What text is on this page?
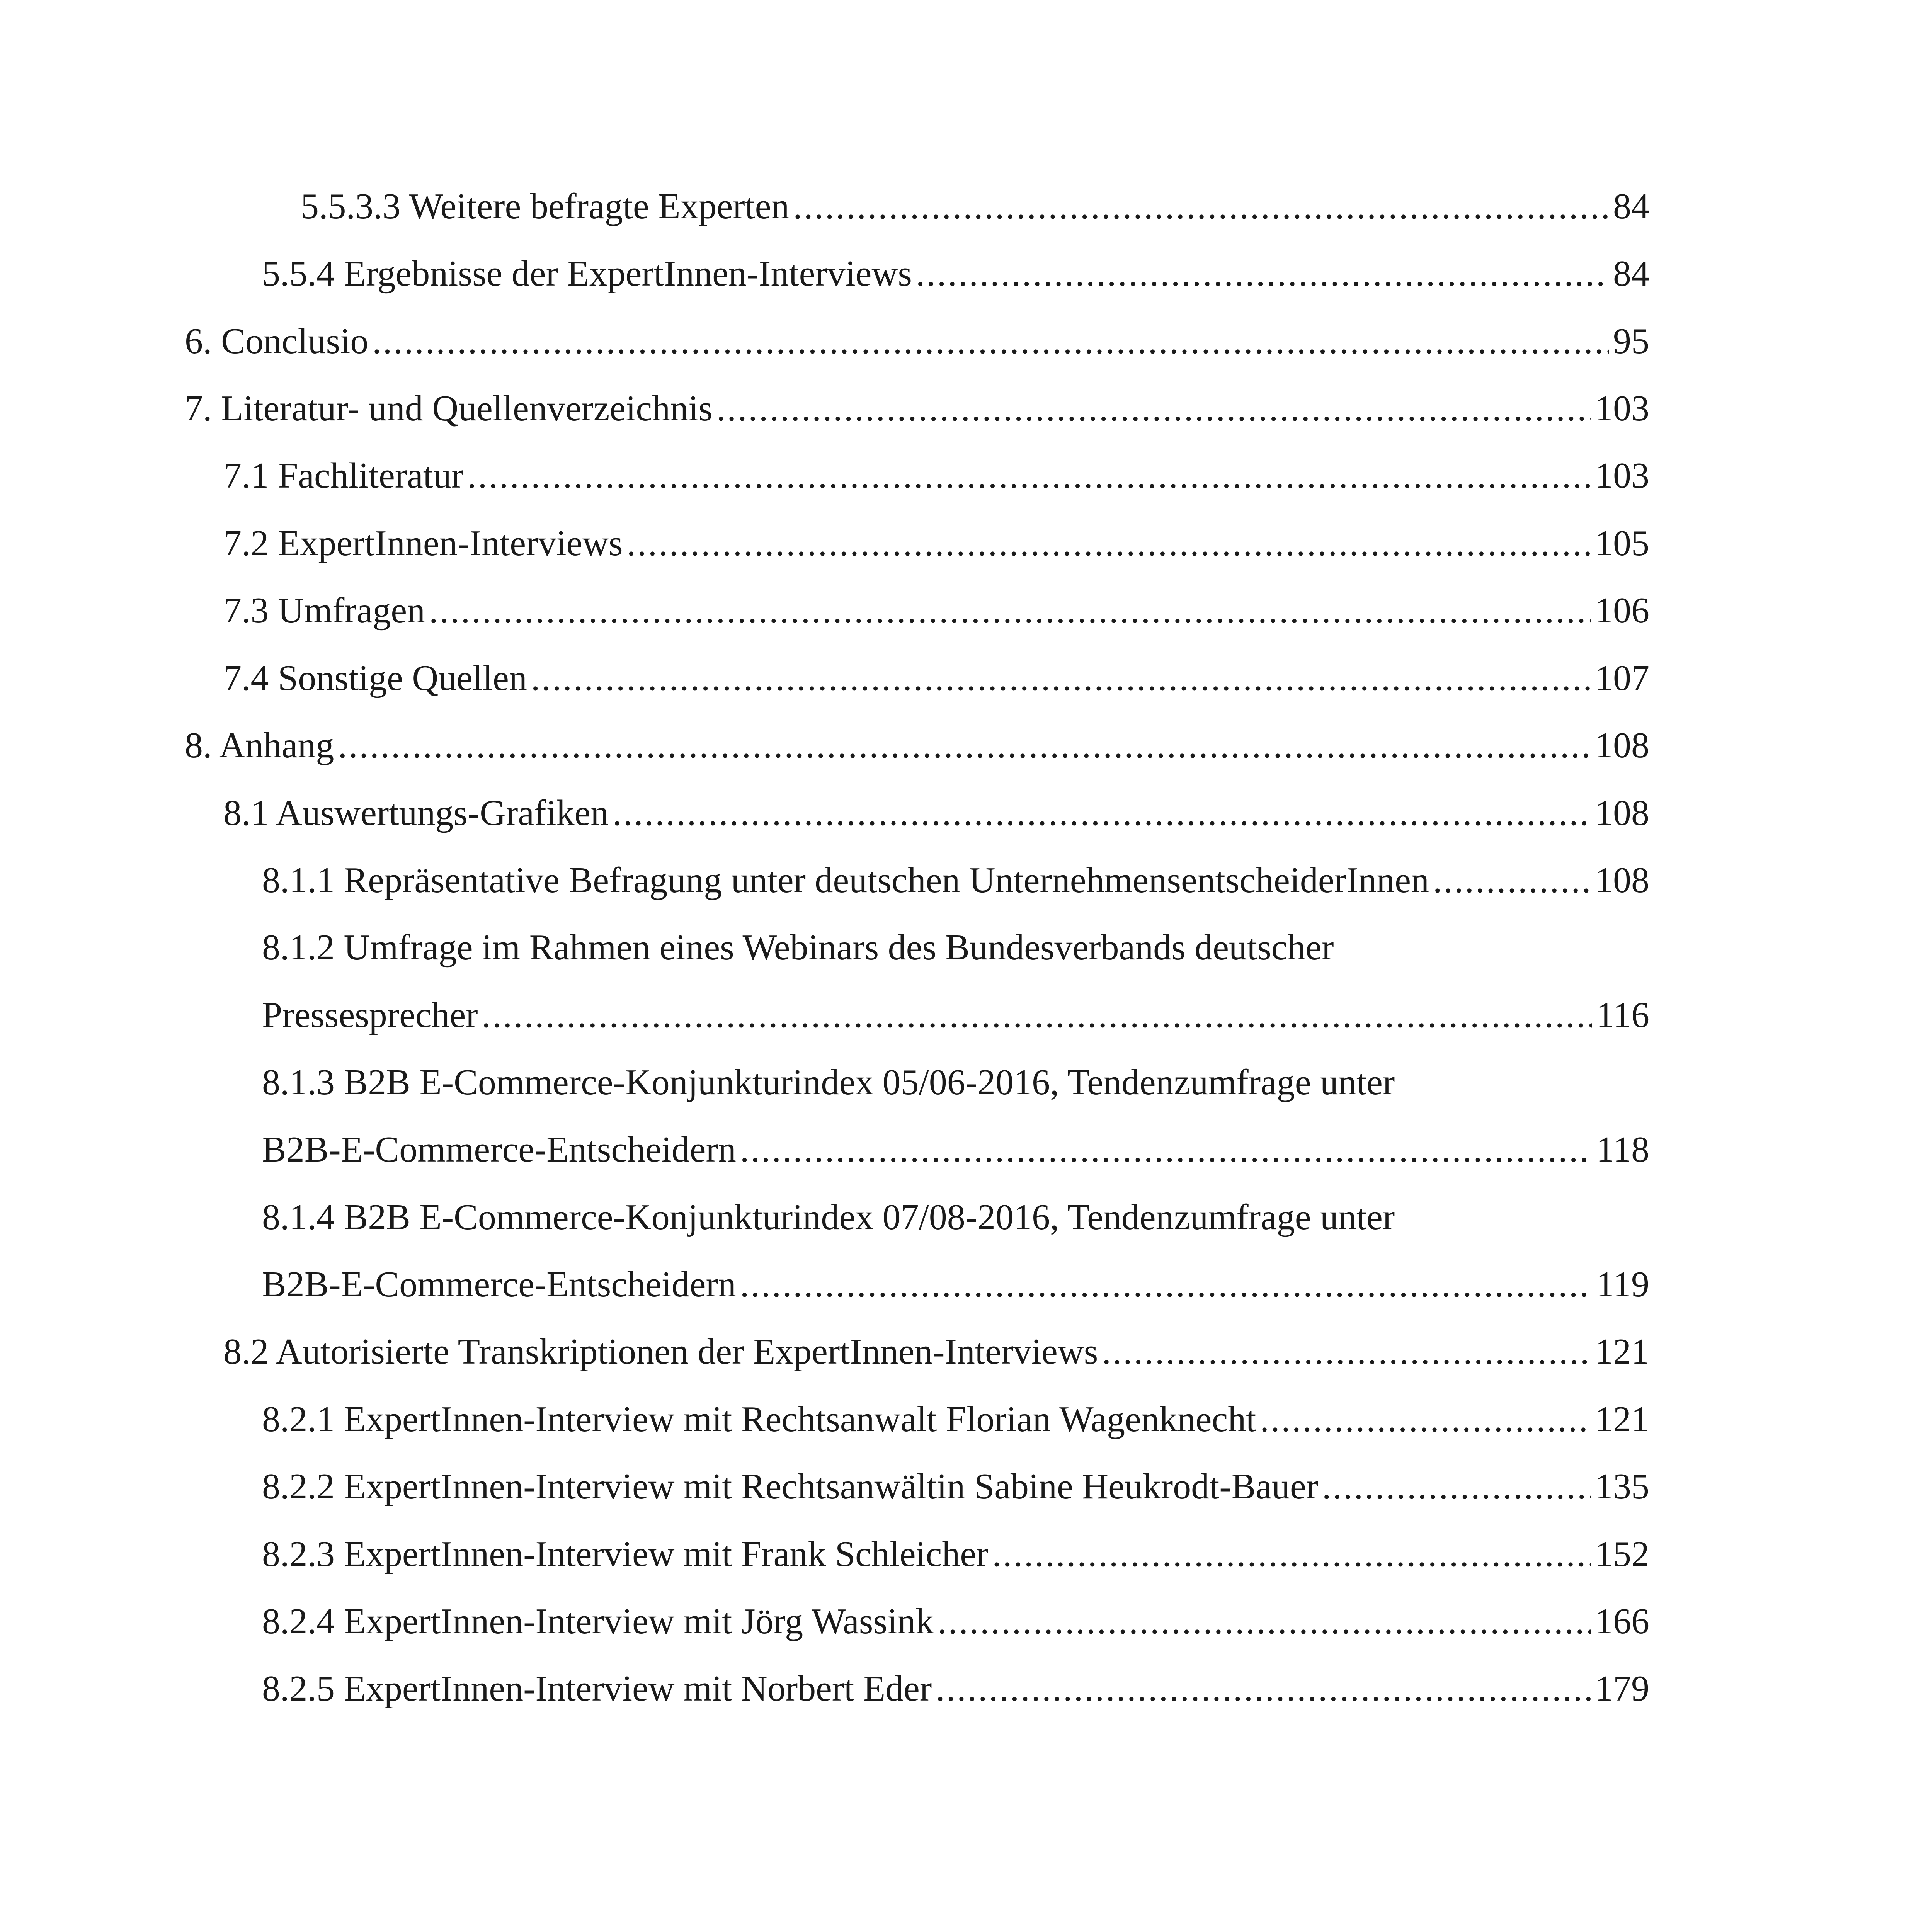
5.5.3.3 Weitere befragte Experten .....	84
5.5.4 Ergebnisse der ExpertInnen-Interviews .....	84
6. Conclusio .....	95
7. Literatur- und Quellenverzeichnis .....	103
7.1 Fachliteratur .....	103
7.2 ExpertInnen-Interviews .....	105
7.3 Umfragen .....	106
7.4 Sonstige Quellen .....	107
8. Anhang .....	108
8.1 Auswertungs-Grafiken .....	108
8.1.1 Repräsentative Befragung unter deutschen UnternehmensentscheiderInnen .....	108
8.1.2 Umfrage im Rahmen eines Webinars des Bundesverbands deutscher
Pressesprecher .....	116
8.1.3 B2B E-Commerce-Konjunkturindex 05/06-2016, Tendenzumfrage unter
B2B-E-Commerce-Entscheidern .....	118
8.1.4 B2B E-Commerce-Konjunkturindex 07/08-2016, Tendenzumfrage unter
B2B-E-Commerce-Entscheidern .....	119
8.2 Autorisierte Transkriptionen der ExpertInnen-Interviews .....	121
8.2.1 ExpertInnen-Interview mit Rechtsanwalt Florian Wagenknecht .....	121
8.2.2 ExpertInnen-Interview mit Rechtsanwältin Sabine Heukrodt-Bauer .....	135
8.2.3 ExpertInnen-Interview mit Frank Schleicher .....	152
8.2.4 ExpertInnen-Interview mit Jörg Wassink .....	166
8.2.5 ExpertInnen-Interview mit Norbert Eder .....	179
